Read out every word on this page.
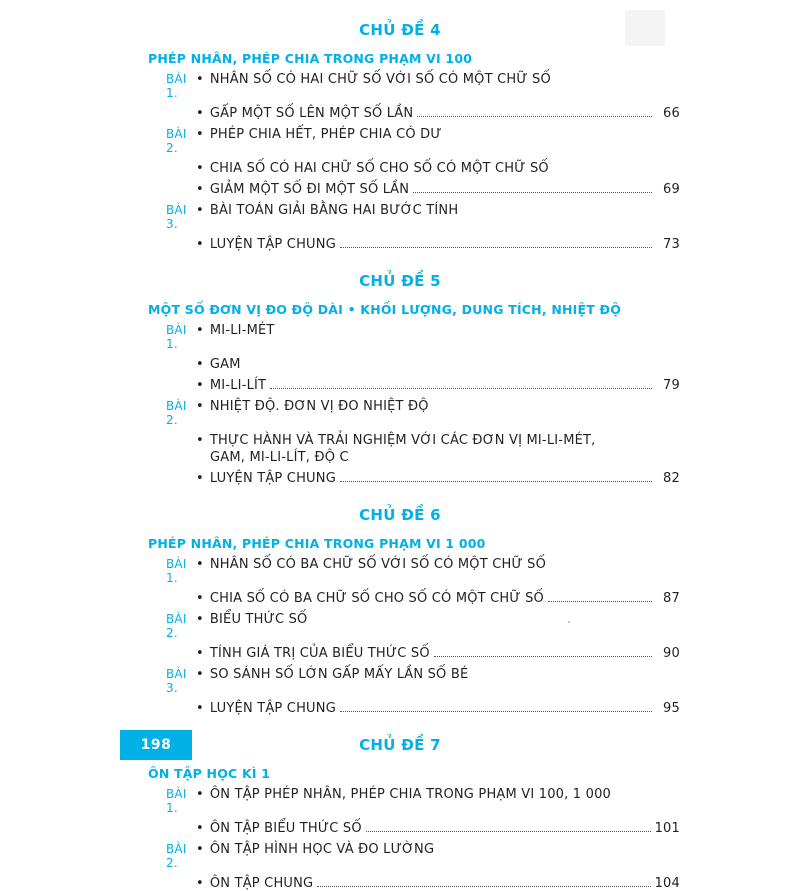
CHỦ ĐỀ 4
PHÉP NHÂN, PHÉP CHIA TRONG PHẠM VI 100
BÀI 1.
• NHÂN SỐ CÓ HAI CHỮ SỐ VỚI SỐ CÓ MỘT CHỮ SỐ
• GẤP MỘT SỐ LÊN MỘT SỐ LẦN	66
BÀI 2.
• PHÉP CHIA HẾT, PHÉP CHIA CÓ DƯ
• CHIA SỐ CÓ HAI CHỮ SỐ CHO SỐ CÓ MỘT CHỮ SỐ
• GIẢM MỘT SỐ ĐI MỘT SỐ LẦN	69
BÀI 3.
• BÀI TOÁN GIẢI BẰNG HAI BƯỚC TÍNH
• LUYỆN TẬP CHUNG	73
CHỦ ĐỀ 5
MỘT SỐ ĐƠN VỊ ĐO ĐỘ DÀI • KHỐI LƯỢNG, DUNG TÍCH, NHIỆT ĐỘ
BÀI 1.
• MI-LI-MÉT
• GAM
• MI-LI-LÍT	79
BÀI 2.
• NHIỆT ĐỘ. ĐƠN VỊ ĐO NHIỆT ĐỘ
• THỰC HÀNH VÀ TRẢI NGHIỆM VỚI CÁC ĐƠN VỊ MI-LI-MÉT,
GAM, MI-LI-LÍT, ĐỘ C
• LUYỆN TẬP CHUNG	82
CHỦ ĐỀ 6
PHÉP NHÂN, PHÉP CHIA TRONG PHẠM VI 1 000
BÀI 1.
• NHÂN SỐ CÓ BA CHỮ SỐ VỚI SỐ CÓ MỘT CHỮ SỐ
• CHIA SỐ CÓ BA CHỮ SỐ CHO SỐ CÓ MỘT CHỮ SỐ	87
BÀI 2.
• BIỂU THỨC SỐ
• TÍNH GIÁ TRỊ CỦA BIỂU THỨC SỐ	90
BÀI 3.
• SO SÁNH SỐ LỚN GẤP MẤY LẦN SỐ BÉ
• LUYỆN TẬP CHUNG	95
CHỦ ĐỀ 7
ÔN TẬP HỌC KÌ 1
BÀI 1.
• ÔN TẬP PHÉP NHÂN, PHÉP CHIA TRONG PHẠM VI 100, 1 000
• ÔN TẬP BIỂU THỨC SỐ	101
BÀI 2.
• ÔN TẬP HÌNH HỌC VÀ ĐO LƯỜNG
• ÔN TẬP CHUNG	104
198
